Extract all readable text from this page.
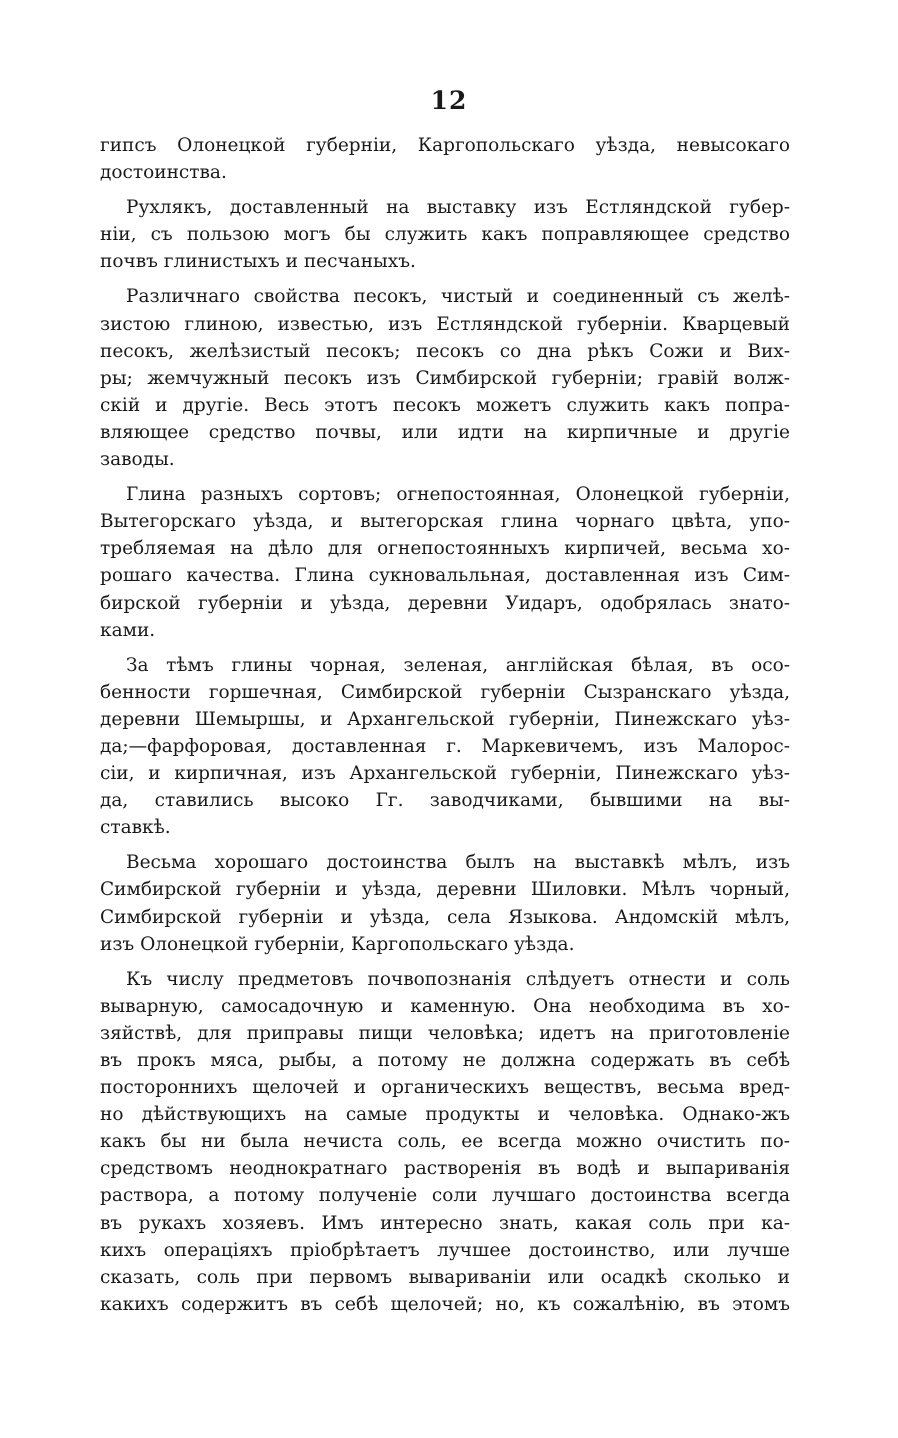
12
гипсъ Олонецкой губерніи, Каргопольскаго уѣзда, невысокаго
достоинства.
Рухлякъ, доставленный на выставку изъ Естляндской губер-
ніи, съ пользою могъ бы служить какъ поправляющее средство
почвъ глинистыхъ и песчаныхъ.
Различнаго свойства песокъ, чистый и соединенный съ желѣ-
зистою глиною, известью, изъ Естляндской губерніи. Кварцевый
песокъ, желѣзистый песокъ; песокъ со дна рѣкъ Сожи и Вих-
ры; жемчужный песокъ изъ Симбирской губерніи; гравій волж-
скій и другіе. Весь этотъ песокъ можетъ служить какъ попра-
вляющее средство почвы, или идти на кирпичные и другіе
заводы.
Глина разныхъ сортовъ; огнепостоянная, Олонецкой губерніи,
Вытегорскаго уѣзда, и вытегорская глина чорнаго цвѣта, упо-
требляемая на дѣло для огнепостоянныхъ кирпичей, весьма хо-
рошаго качества. Глина сукновальльная, доставленная изъ Сим-
бирской губерніи и уѣзда, деревни Уидаръ, одобрялась знато-
ками.
За тѣмъ глины чорная, зеленая, англійская бѣлая, въ осо-
бенности горшечная, Симбирской губерніи Сызранскаго уѣзда,
деревни Шемыршы, и Архангельской губерніи, Пинежскаго уѣз-
да;—фарфоровая, доставленная г. Маркевичемъ, изъ Малорос-
сіи, и кирпичная, изъ Архангельской губерніи, Пинежскаго уѣз-
да, ставились высоко Гг. заводчиками, бывшими на вы-
ставкѣ.
Весьма хорошаго достоинства былъ на выставкѣ мѣлъ, изъ
Симбирской губерніи и уѣзда, деревни Шиловки. Мѣлъ чорный,
Симбирской губерніи и уѣзда, села Языкова. Андомскій мѣлъ,
изъ Олонецкой губерніи, Каргопольскаго уѣзда.
Къ числу предметовъ почвопознанія слѣдуетъ отнести и соль
выварную, самосадочную и каменную. Она необходима въ хо-
зяйствѣ, для приправы пищи человѣка; идетъ на приготовленіе
въ прокъ мяса, рыбы, а потому не должна содержать въ себѣ
постороннихъ щелочей и органическихъ веществъ, весьма вред-
но дѣйствующихъ на самые продукты и человѣка. Однако-жъ
какъ бы ни была нечиста соль, ее всегда можно очистить по-
средствомъ неоднократнаго растворенія въ водѣ и выпариванія
раствора, а потому полученіе соли лучшаго достоинства всегда
въ рукахъ хозяевъ. Имъ интересно знать, какая соль при ка-
кихъ операціяхъ пріобрѣтаетъ лучшее достоинство, или лучше
сказать, соль при первомъ вывариваніи или осадкѣ сколько и
какихъ содержитъ въ себѣ щелочей; но, къ сожалѣнію, въ этомъ
